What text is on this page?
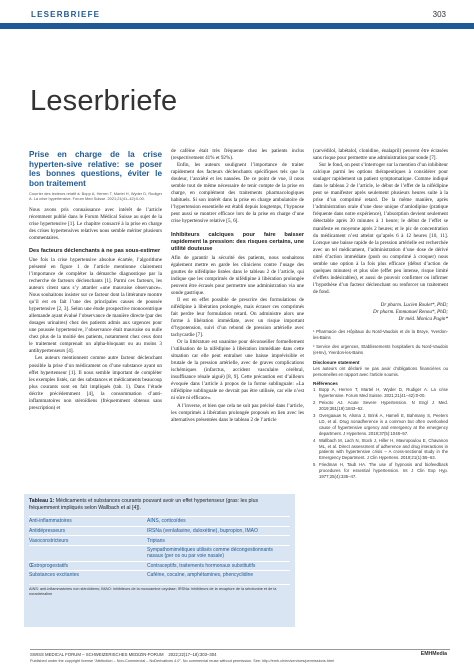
LESERBRIEFE	303
Leserbriefe
Prise en charge de la crise hyperten-sive relative: se poser les bonnes questions, éviter le bon traitement
Courrier des lecteurs relatif à: Bopp A, Herren T, Martel H, Wyder D, Rudiger A. La crise hypertensive. Forum Med Suisse. 2021;21(41–42):0-00.

Nous avons pris connaissance avec intérêt de l’article récemment publié dans le Forum Médical Suisse au sujet de la crise hypertensive [1]. Le chapitre consacré à la prise en charge des crises hypertensives relatives nous semble mériter plusieurs commentaires.

Des facteurs déclenchants à ne pas sous-estimer

Une fois la crise hypertensive absolue écartée, l’algorithme présenté en figure 1 de l’article mentionne clairement l’importance de compléter la démarche diagnostique par la recherche de facteurs déclenchants [1]. Parmi ces facteurs, les auteurs citent sans s’y attarder «une mauvaise observance». Nous souhaitons insister sur ce facteur dont la littérature montre qu’il est en fait l’une des principales causes de poussée hypertensive [2, 3]. Selon une étude prospective monocentrique allemande ayant évalué l’observance de manière directe (par des dosages urinaires) chez des patients admis aux urgences pour une poussée hypertensive, l’observance était mauvaise ou nulle chez plus de la moitié des patients, notamment chez ceux dont le traitement comprenait un alpha-bloquant ou au moins 3 antihypertenseurs [4].

Les auteurs mentionnent comme autre facteur déclenchant possible la prise d’un médicament ou d’une substance ayant un effet hypertenseur [1]. Il nous semble important de compléter les exemples listés, car des substances et médicaments beaucoup plus courants sont en fait impliqués (tab. 1). Dans l’étude décrite précédemment [4], la consommation d’anti-inflammatoires non stéroïdiens (fréquemment obtenus sans prescription) et

de caféine était très fréquente chez les patients inclus (respectivement 41% et 92%).

Enfin, les auteurs soulignent l’importance de traiter rapidement des facteurs déclenchants spécifiques tels que la douleur, l’anxiété et les nausées. De ce point de vue, il nous semble tout de même nécessaire de tenir compte de la prise en charge, en complément des traitements pharmacologiques habituels. Si son intérêt dans la prise en charge ambulatoire de l’hypertension essentielle est établi depuis longtemps, l’hypnose peut aussi se montrer efficace lors de la prise en charge d’une crise hypertensive relative [5, 6].

Inhibiteurs calciques pour faire baisser rapidement la pression: des risques certains, une utilité douteuse

Afin de garantir la sécurité des patients, nous souhaitons également mettre en garde les cliniciens contre l’usage des gouttes de nifédipine listées dans le tableau 2 de l’article, qui indique que les comprimés de nifédipine à libération prolongée peuvent être écrasés pour permettre une administration via une sonde gastrique.

Il est en effet possible de prescrire des formulations de nifédipine à libération prolongée, mais écraser ces comprimés fait perdre leur formulation retard. On administre alors une forme à libération immédiate, avec un risque important d’hypotension, suivi d’un rebond de pression artérielle avec tachycardie [7].

Or la littérature est unanime pour déconseiller formellement l’utilisation de la nifédipine à libération immédiate dans cette situation car elle peut entraîner une baisse imprévisible et brutale de la pression artérielle, avec de graves complications ischémiques (infarctus, accident vasculaire cérébral, insuffisance rénale aiguë) [8, 9]. Cette précaution est d’ailleurs évoquée dans l’article à propos de la forme sublinguale: «La nifédipine sublinguale ne devrait pas être utilisée, car elle n’est ni sûre ni efficace».

A l’inverse, et bien que cela ne soit pas précisé dans l’article, les comprimés à libération prolongée proposés en lien avec les alternatives présentées dans le tableau 2 de l’article

(carvédilol, labétalol, clonidine, énalapril) peuvent être écrasées sans risque pour permettre une administration par sonde [7].

Sur le fond, on peut s’interroger sur la mention d’un inhibiteur calcique parmi les options thérapeutiques à considérer pour soulager rapidement un patient symptomatique. Comme indiqué dans le tableau 2 de l’article, le début de l’effet de la nifédipine peut se manifester après seulement plusieurs heures suite à la prise d’un comprimé retard. De la même manière, après l’administration orale d’une dose unique d’amlodipine (pratique fréquente dans notre expérience), l’absorption devient seulement détectable après 30 minutes à 1 heure; le début de l’effet se manifeste en moyenne après 2 heures; et le pic de concentration du médicament n’est atteint qu’après 6 à 12 heures [10, 11]. Lorsque une baisse rapide de la pression artérielle est recherchée avec un tel médicament, l’administration d’une dose de dérivé nitré d’action immédiate (push ou comprimé à croquer) nous semble une option à la fois plus efficace (début d’action de quelques minutes) et plus sûre (effet peu intense, risque limité d’effets indésirables), et aussi de pouvoir confirmer ou infirmer l’hypothèse d’un facteur déclenchant ou renforcer un traitement de fond.

Dr pharm. Lucien Roulet*, PhD;
Dr pharm. Emmanuel Renou*, PhD;
Dr méd. Monica Pagin*
¹ Pharmacie des Hôpitaux du Nord-Vaudois et de la Broye, Yverdon-les-Bains
² Service des urgences, Etablissements hospitaliers du Nord-Vaudois (eHnv), Yverdon-les-Bains
Disclosure statement
Les auteurs ont déclaré ne pas avoir d’obligations financières ou personnelles en rapport avec l’article soumis.
Références
1 Bopp A, Herren T, Martel H, Wyder D, Rudiger A. La crise hypertensive. Forum Med Suisse. 2021;21(41–42):0-00.
2 Peixoto AJ. Acute Severe Hypertension. N Engl J Med. 2019;381(19):1843–52.
3 Overgaauw N, Alsma J, Brink A, Hameli E, Bahmany S, Peeters LD, et al. Drug nonadherence is a common but often overlooked cause of hypertensive urgency and emergency at the emergency department. J Hypertens. 2019;37(5):1048–57.
4 Wallbach M, Lach N, Stock J, Hiller H, Mavropoulou E, Chavanon ML, et al. Direct assessment of adherence and drug interactions in patients with hypertensive crisis – A cross-sectional study in the Emergency Department. J Clin Hypertens. 2019;21(1):55–63.
5 Friedman H, Taub HA. The use of hypnosis and biofeedback procedures for essential hypertension. Int J Clin Exp Hyp. 1977;25(4):335–47.
Tableau 1: Médicaments et substances courants pouvant avoir un effet hypertenseur (gras: les plus fréquemment impliqués selon Wallbach et al [4]).
Anti-inflammatoires	AINS, corticoïdes
Antidépresseurs	IRSNa (venlafaxine, duloxétine), bupropion, IMAO
Vasoconstricteurs	Triptans
Sympathomimétiques utilisés comme décongestionnants nasaux (per os ou par voie nasale)
Œstroprogestatifs	Contraceptifs, traitements hormonaux substitutifs
Substances excitantes	Caféine, cocaïne, amphétamines, phencyclidine
AINS: anti-inflammatoires non stéroïdiens; IMAO: inhibiteurs de la monoamine oxydase; IRSNa: inhibiteurs de la recapture de la sérotonine et de la noradrénaline
SWISS MEDICAL FORUM – SCHWEIZERISCHES MEDIZIN-FORUM 2022;22(17–18):303–304	EMHMedia
Published under the copyright license “Attribution – Non-Commercial – NoDerivatives 4.0”. No commercial reuse without permission. See: http://emh.ch/en/services/permissions.html
